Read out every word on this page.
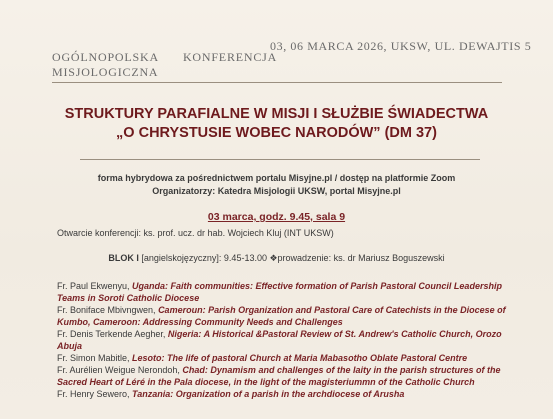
OGÓLNOPOLSKA KONFERENCJA
MISJOLOGICZNA
03, 06 MARCA 2026, UKSW, UL. DEWAJTIS 5
STRUKTURY PARAFIALNE W MISJI I SŁUŻBIE ŚWIADECTWA
„O CHRYSTUSIE WOBEC NARODÓW” (DM 37)
forma hybrydowa za pośrednictwem portalu Misyjne.pl / dostęp na platformie Zoom
Organizatorzy: Katedra Misjologii UKSW, portal Misyjne.pl
03 marca, godz. 9.45, sala 9
Otwarcie konferencji: ks. prof. ucz. dr hab. Wojciech Kluj (INT UKSW)
BLOK I [angielskojęzyczny]: 9.45-13.00 ❖prowadzenie: ks. dr Mariusz Boguszewski

Fr. Paul Ekwenyu, Uganda: Faith communities: Effective formation of Parish Pastoral Council Leadership Teams in Soroti Catholic Diocese

Fr. Boniface Mbivngwen, Cameroun: Parish Organization and Pastoral Care of Catechists in the Diocese of Kumbo, Cameroon: Addressing Community Needs and Challenges

Fr. Denis Terkende Aegher, Nigeria: A Historical &Pastoral Review of St. Andrew's Catholic Church, Orozo Abuja

Fr. Simon Mabitle, Lesoto: The life of pastoral Church at Maria Mabasotho Oblate Pastoral Centre

Fr. Aurélien Weigue Nerondoh, Chad: Dynamism and challenges of the laity in the parish structures of the Sacred Heart of Léré in the Pala diocese, in the light of the magisteriummn of the Catholic Church

Fr. Henry Sewero, Tanzania: Organization of a parish in the archdiocese of Arusha
